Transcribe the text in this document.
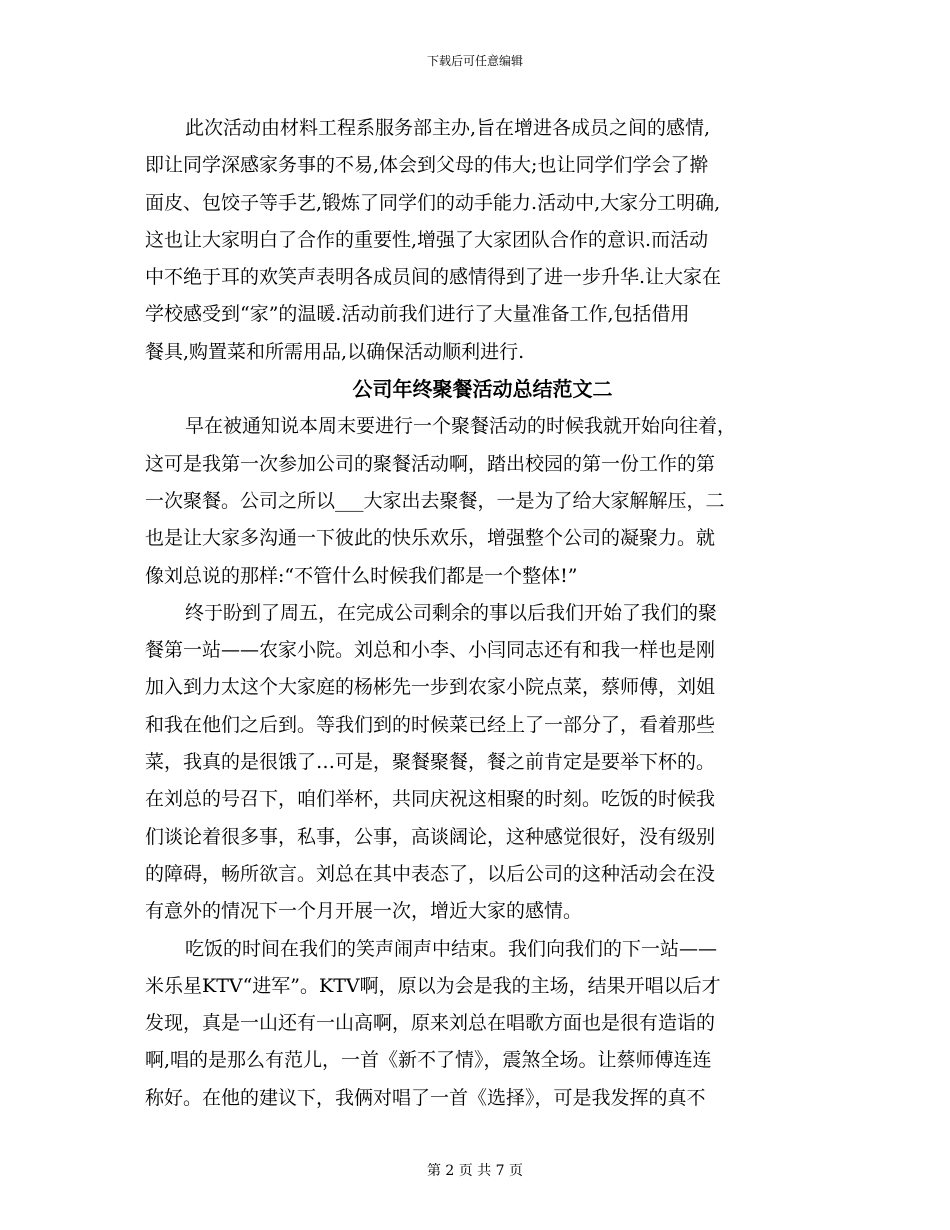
下载后可任意编辑
此次活动由材料工程系服务部主办,旨在增进各成员之间的感情,
即让同学深感家务事的不易,体会到父母的伟大;也让同学们学会了擀
面皮、包饺子等手艺,锻炼了同学们的动手能力.活动中,大家分工明确,
这也让大家明白了合作的重要性,增强了大家团队合作的意识.而活动
中不绝于耳的欢笑声表明各成员间的感情得到了进一步升华.让大家在
学校感受到“家”的温暖.活动前我们进行了大量准备工作,包括借用
餐具,购置菜和所需用品,以确保活动顺利进行.
公司年终聚餐活动总结范文二
早在被通知说本周末要进行一个聚餐活动的时候我就开始向往着，
这可是我第一次参加公司的聚餐活动啊，踏出校园的第一份工作的第
一次聚餐。公司之所以___大家出去聚餐，一是为了给大家解解压，二
也是让大家多沟通一下彼此的快乐欢乐，增强整个公司的凝聚力。就
像刘总说的那样:“不管什么时候我们都是一个整体!”
终于盼到了周五，在完成公司剩余的事以后我们开始了我们的聚
餐第一站——农家小院。刘总和小李、小闫同志还有和我一样也是刚
加入到力太这个大家庭的杨彬先一步到农家小院点菜，蔡师傅，刘姐
和我在他们之后到。等我们到的时候菜已经上了一部分了，看着那些
菜，我真的是很饿了…可是，聚餐聚餐，餐之前肯定是要举下杯的。
在刘总的号召下，咱们举杯，共同庆祝这相聚的时刻。吃饭的时候我
们谈论着很多事，私事，公事，高谈阔论，这种感觉很好，没有级别
的障碍，畅所欲言。刘总在其中表态了，以后公司的这种活动会在没
有意外的情况下一个月开展一次，增近大家的感情。
吃饭的时间在我们的笑声闹声中结束。我们向我们的下一站——
米乐星KTV“进军”。KTV啊，原以为会是我的主场，结果开唱以后才
发现，真是一山还有一山高啊，原来刘总在唱歌方面也是很有造诣的
啊,唱的是那么有范儿，一首《新不了情》，震煞全场。让蔡师傅连连
称好。在他的建议下，我俩对唱了一首《选择》，可是我发挥的真不
第 2 页 共 7 页
